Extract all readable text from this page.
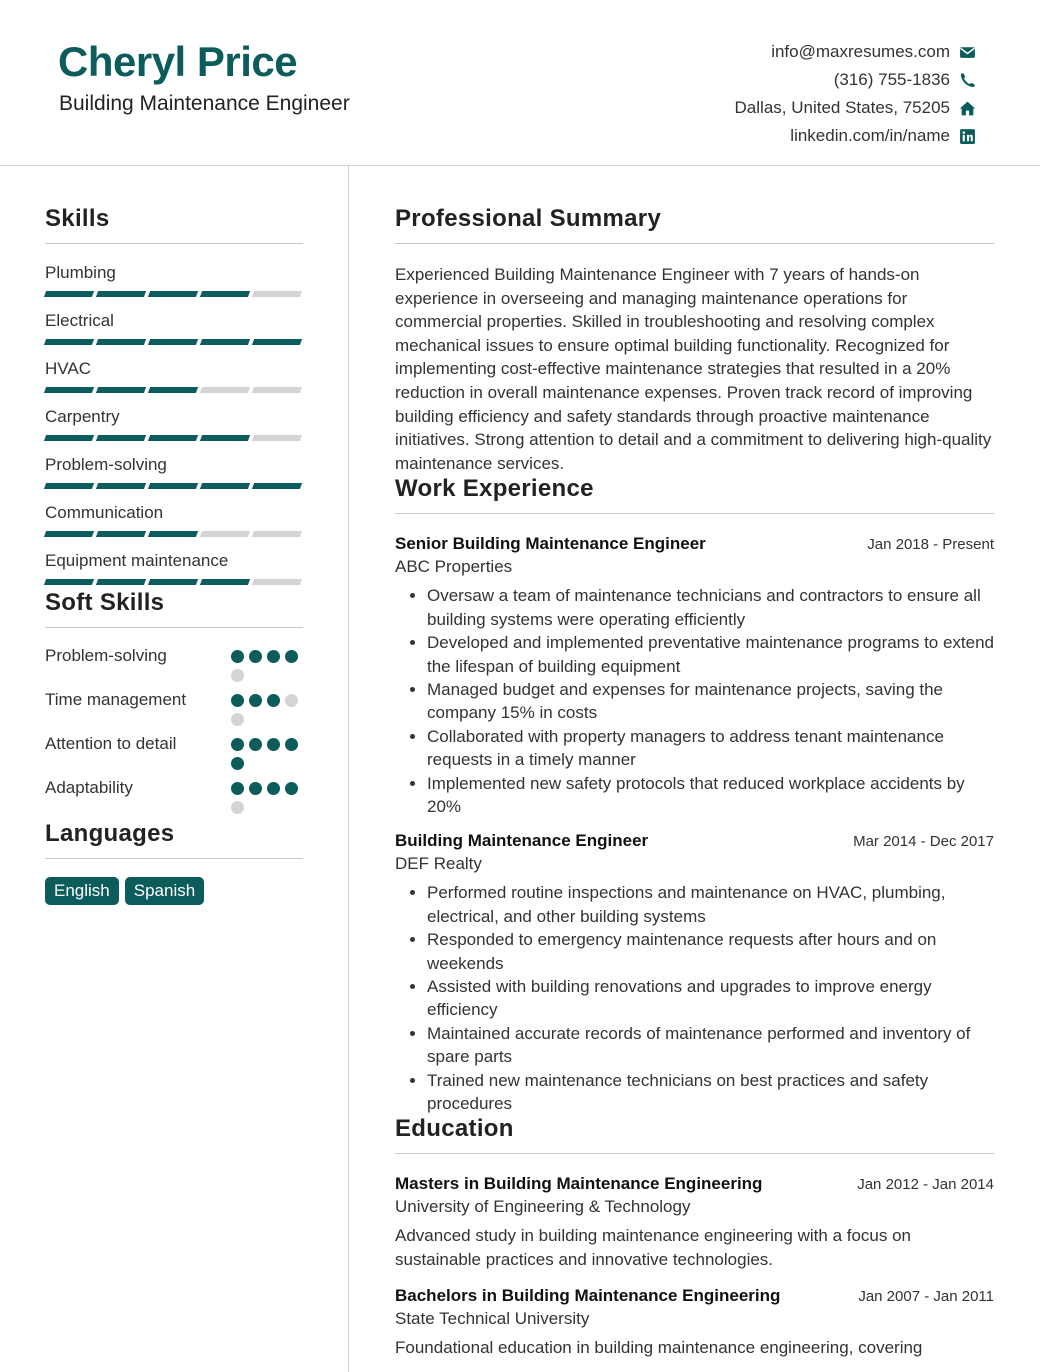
Cheryl Price
Building Maintenance Engineer
info@maxresumes.com
(316) 755-1836
Dallas, United States, 75205
linkedin.com/in/name
Skills
Plumbing
Electrical
HVAC
Carpentry
Problem-solving
Communication
Equipment maintenance
Soft Skills
Problem-solving
Time management
Attention to detail
Adaptability
Languages
English	Spanish
Professional Summary
Experienced Building Maintenance Engineer with 7 years of hands-on experience in overseeing and managing maintenance operations for commercial properties. Skilled in troubleshooting and resolving complex mechanical issues to ensure optimal building functionality. Recognized for implementing cost-effective maintenance strategies that resulted in a 20% reduction in overall maintenance expenses. Proven track record of improving building efficiency and safety standards through proactive maintenance initiatives. Strong attention to detail and a commitment to delivering high-quality maintenance services.
Work Experience
Senior Building Maintenance Engineer	Jan 2018 - Present
ABC Properties
• Oversaw a team of maintenance technicians and contractors to ensure all building systems were operating efficiently
• Developed and implemented preventative maintenance programs to extend the lifespan of building equipment
• Managed budget and expenses for maintenance projects, saving the company 15% in costs
• Collaborated with property managers to address tenant maintenance requests in a timely manner
• Implemented new safety protocols that reduced workplace accidents by 20%
Building Maintenance Engineer	Mar 2014 - Dec 2017
DEF Realty
• Performed routine inspections and maintenance on HVAC, plumbing, electrical, and other building systems
• Responded to emergency maintenance requests after hours and on weekends
• Assisted with building renovations and upgrades to improve energy efficiency
• Maintained accurate records of maintenance performed and inventory of spare parts
• Trained new maintenance technicians on best practices and safety procedures
Education
Masters in Building Maintenance Engineering	Jan 2012 - Jan 2014
University of Engineering & Technology
Advanced study in building maintenance engineering with a focus on sustainable practices and innovative technologies.
Bachelors in Building Maintenance Engineering	Jan 2007 - Jan 2011
State Technical University
Foundational education in building maintenance engineering, covering
